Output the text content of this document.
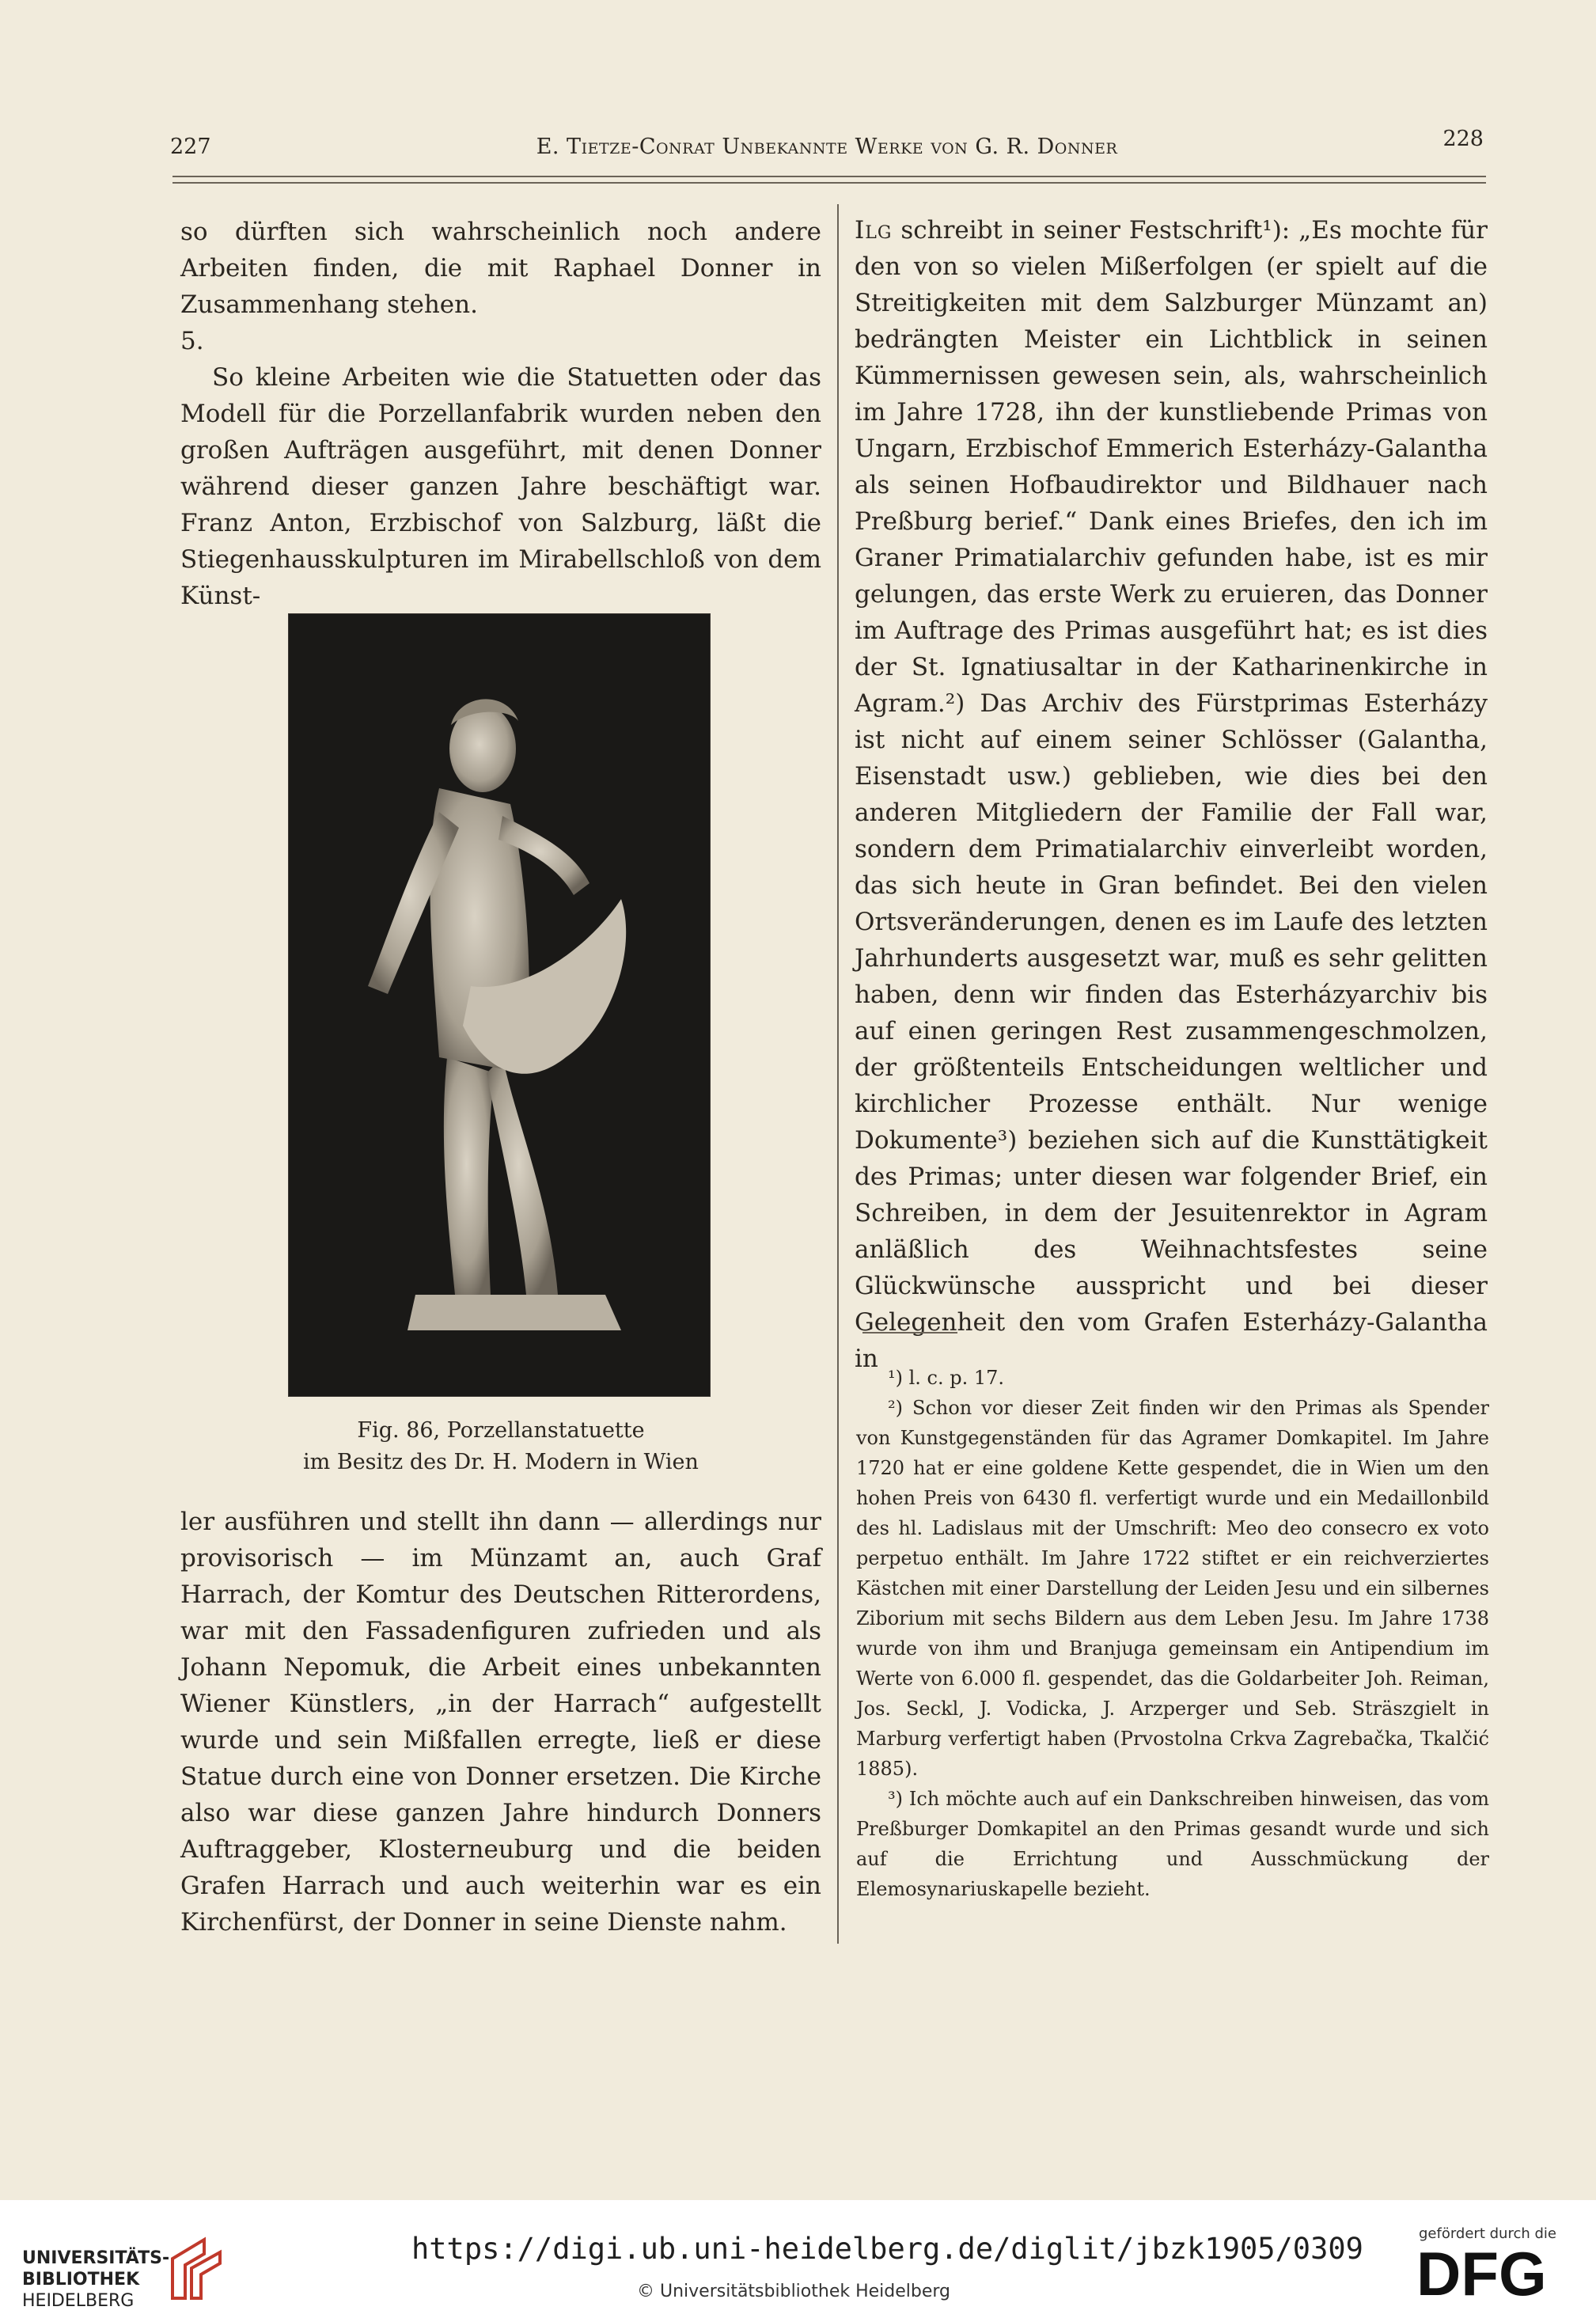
227	E. Tietze-Conrat Unbekannte Werke von G. R. Donner	228

so dürften sich wahrscheinlich noch andere Arbeiten finden, die mit Raphael Donner in Zusammenhang stehen.

5.

So kleine Arbeiten wie die Statuetten oder das Modell für die Porzellanfabrik wurden neben den großen Aufträgen ausgeführt, mit denen Donner während dieser ganzen Jahre beschäftigt war. Franz Anton, Erzbischof von Salzburg, läßt die Stiegenhausskulpturen im Mirabellschloß von dem Künst-

Fig. 86, Porzellanstatuette
im Besitz des Dr. H. Modern in Wien

ler ausführen und stellt ihn dann — allerdings nur provisorisch — im Münzamt an, auch Graf Harrach, der Komtur des Deutschen Ritterordens, war mit den Fassadenfiguren zufrieden und als Johann Nepomuk, die Arbeit eines unbekannten Wiener Künstlers, „in der Harrach“ aufgestellt wurde und sein Mißfallen erregte, ließ er diese Statue durch eine von Donner ersetzen. Die Kirche also war diese ganzen Jahre hindurch Donners Auftraggeber, Klosterneuburg und die beiden Grafen Harrach und auch weiterhin war es ein Kirchenfürst, der Donner in seine Dienste nahm.

Ilg schreibt in seiner Festschrift¹): „Es mochte für den von so vielen Mißerfolgen (er spielt auf die Streitigkeiten mit dem Salzburger Münzamt an) bedrängten Meister ein Lichtblick in seinen Kümmernissen gewesen sein, als, wahrscheinlich im Jahre 1728, ihn der kunstliebende Primas von Ungarn, Erzbischof Emmerich Esterházy-Galantha als seinen Hofbaudirektor und Bildhauer nach Preßburg berief.“ Dank eines Briefes, den ich im Graner Primatialarchiv gefunden habe, ist es mir gelungen, das erste Werk zu eruieren, das Donner im Auftrage des Primas ausgeführt hat; es ist dies der St. Ignatiusaltar in der Katharinenkirche in Agram.²) Das Archiv des Fürstprimas Esterházy ist nicht auf einem seiner Schlösser (Galantha, Eisenstadt usw.) geblieben, wie dies bei den anderen Mitgliedern der Familie der Fall war, sondern dem Primatialarchiv einverleibt worden, das sich heute in Gran befindet. Bei den vielen Ortsveränderungen, denen es im Laufe des letzten Jahrhunderts ausgesetzt war, muß es sehr gelitten haben, denn wir finden das Esterházyarchiv bis auf einen geringen Rest zusammengeschmolzen, der größtenteils Entscheidungen weltlicher und kirchlicher Prozesse enthält. Nur wenige Dokumente³) beziehen sich auf die Kunsttätigkeit des Primas; unter diesen war folgender Brief, ein Schreiben, in dem der Jesuitenrektor in Agram anläßlich des Weihnachtsfestes seine Glückwünsche ausspricht und bei dieser Gelegenheit den vom Grafen Esterházy-Galantha in

¹) l. c. p. 17.

²) Schon vor dieser Zeit finden wir den Primas als Spender von Kunstgegenständen für das Agramer Domkapitel. Im Jahre 1720 hat er eine goldene Kette gespendet, die in Wien um den hohen Preis von 6430 fl. verfertigt wurde und ein Medaillonbild des hl. Ladislaus mit der Umschrift: Meo deo consecro ex voto perpetuo enthält. Im Jahre 1722 stiftet er ein reichverziertes Kästchen mit einer Darstellung der Leiden Jesu und ein silbernes Ziborium mit sechs Bildern aus dem Leben Jesu. Im Jahre 1738 wurde von ihm und Branjuga gemeinsam ein Antipendium im Werte von 6.000 fl. gespendet, das die Goldarbeiter Joh. Reiman, Jos. Seckl, J. Vodicka, J. Arzperger und Seb. Sträszgielt in Marburg verfertigt haben (Prvostolna Crkva Zagrebačka, Tkalčić 1885).

³) Ich möchte auch auf ein Dankschreiben hinweisen, das vom Preßburger Domkapitel an den Primas gesandt wurde und sich auf die Errichtung und Ausschmückung der Elemosynariuskapelle bezieht.

UNIVERSITÄTS-
BIBLIOTHEK
HEIDELBERG
https://digi.ub.uni-heidelberg.de/diglit/jbzk1905/0309
© Universitätsbibliothek Heidelberg
gefördert durch die
DFG
